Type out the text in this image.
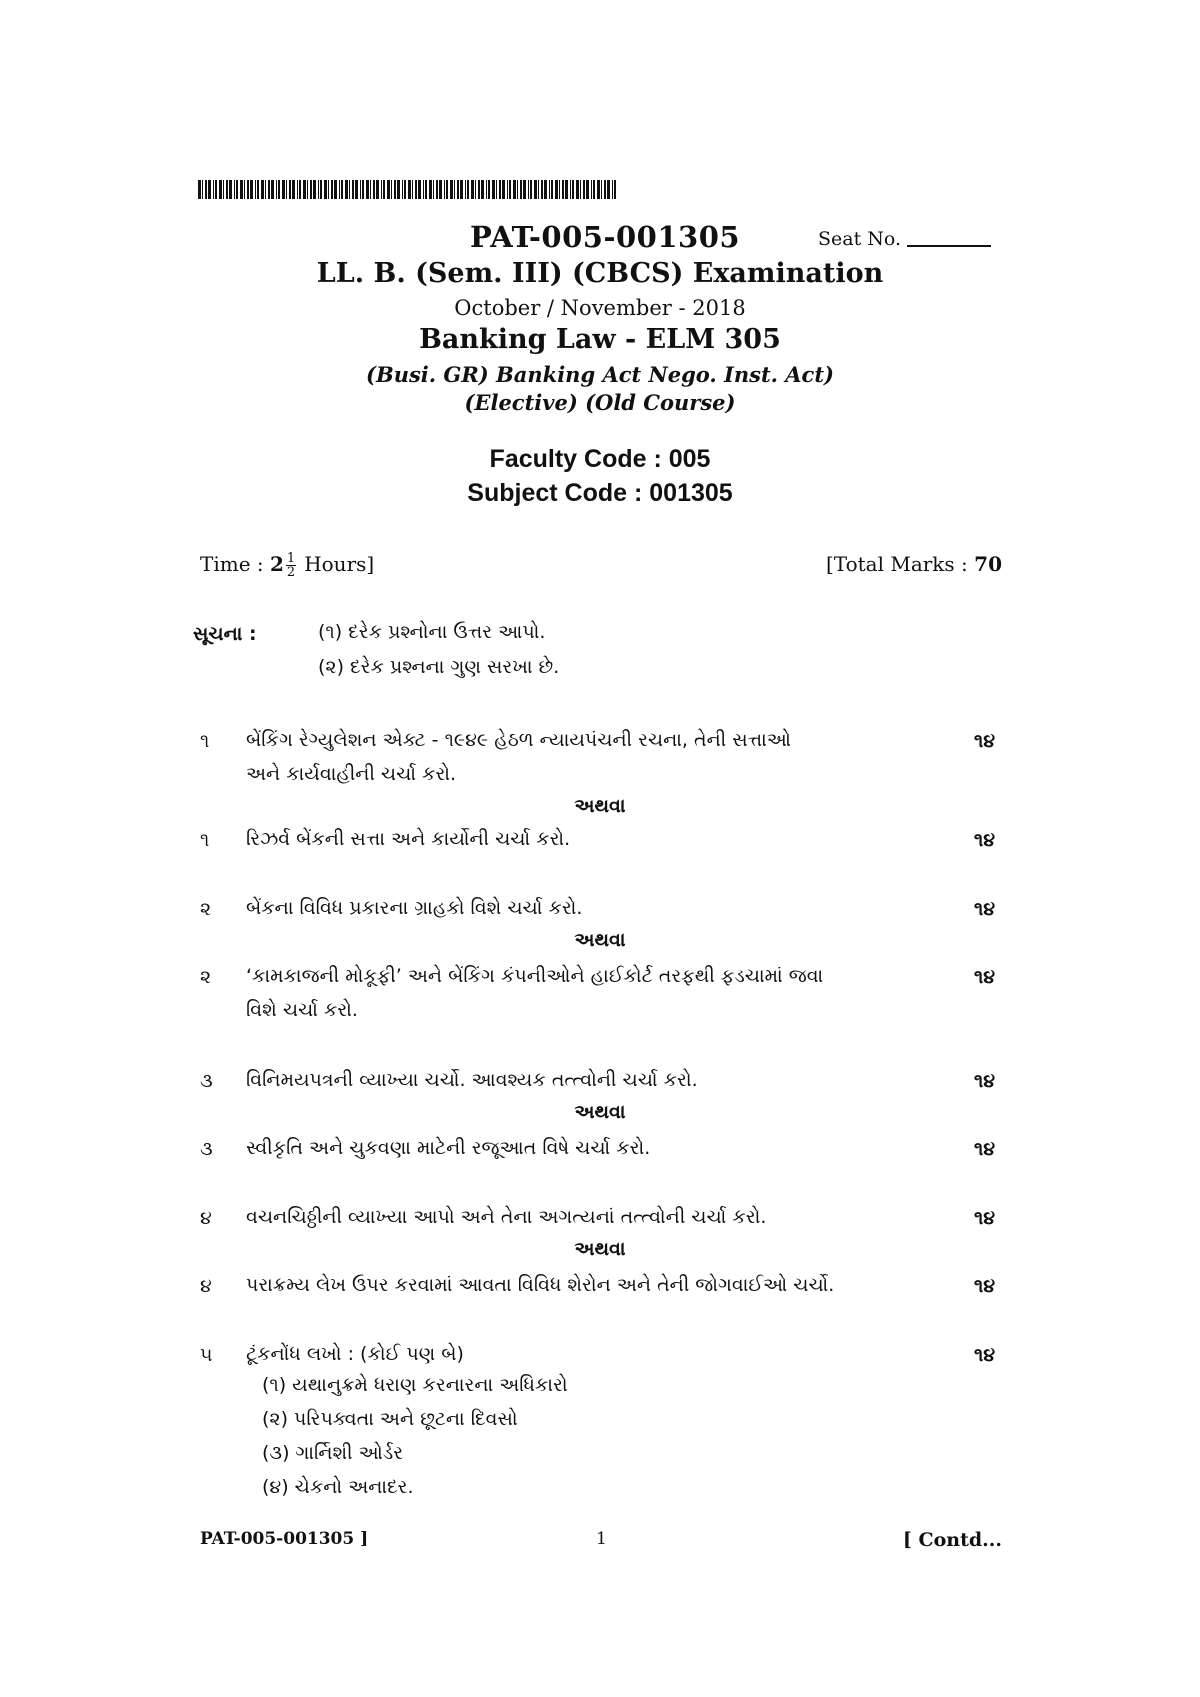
PAT-005-001305	Seat No.
LL. B. (Sem. III) (CBCS) Examination
October / November - 2018
Banking Law - ELM 305
(Busi. GR) Banking Act Nego. Inst. Act)
(Elective) (Old Course)
Faculty Code : 005
Subject Code : 001305
Time : $2 \frac{1}{2}$ Hours]	[Total Marks : 70
સૂચના :	(૧) દરેક પ્રશ્નોના ઉત્તર આપો.
(૨) દરેક પ્રશ્નના ગુણ સરખા છે.
૧ બેંકિંગ રેગ્યુલેશન એક્ટ - ૧૯૪૯ હેઠળ ન્યાયપંચની રચના, તેની સત્તાઓ
અને કાર્યવાહીની ચર્ચા કરો.
૧૪
અથવા
૧ રિઝર્વ બેંકની સત્તા અને કાર્યોની ચર્ચા કરો.	૧૪
૨ બેંકના વિવિધ પ્રકારના ગ્રાહકો વિશે ચર્ચા કરો.	૧૪
અથવા
૨ ‘કામકાજની મોકૂફી’ અને બેંકિંગ કંપનીઓને હાઈકોર્ટ તરફથી ફડચામાં જવા
વિશે ચર્ચા કરો.
૧૪
૩ વિનિમયપત્રની વ્યાખ્યા ચર્ચો. આવશ્યક તત્ત્વોની ચર્ચા કરો.	૧૪
અથવા
૩ સ્વીકૃતિ અને ચુકવણા માટેની રજૂઆત વિષે ચર્ચા કરો.	૧૪
૪ વચનચિઠ્ઠીની વ્યાખ્યા આપો અને તેના અગત્યનાં તત્ત્વોની ચર્ચા કરો.	૧૪
અથવા
૪ પરાક્રમ્ય લેખ ઉપર કરવામાં આવતા વિવિધ શેરોન અને તેની જોગવાઈઓ ચર્ચો.	૧૪
૫ ટૂંકનોંધ લખો : (કોઈ પણ બે)	૧૪
(૧) યથાનુક્રમે ધરાણ કરનારના અધિકારો
(૨) પરિપક્વતા અને છૂટના દિવસો
(૩) ગાર્નિશી ઓર્ડર
(૪) ચેકનો અનાદર.
PAT-005-001305 ]	1	[ Contd...
